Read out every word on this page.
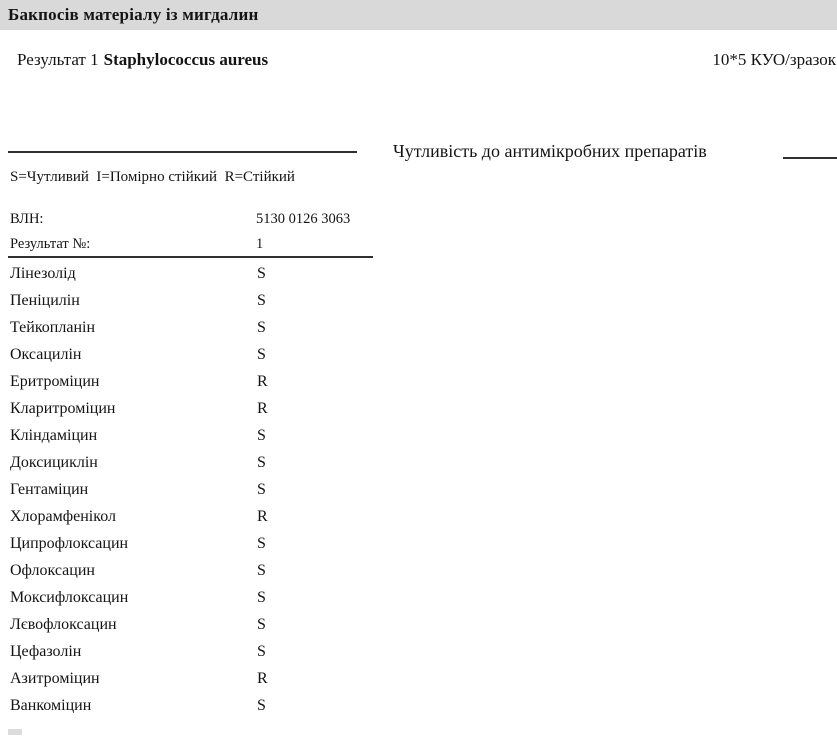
Бакпосів матеріалу із мигдалин
Результат 1 Staphylococcus aureus	10*5 КУО/зразок
Чутливість до антимікробних препаратів
S=Чутливий  I=Помірно стійкий  R=Стійкий
ВЛН:	5130 0126 3063
Результат №:	1
Лінезолід	S
Пеніцилін	S
Тейкопланін	S
Оксацилін	S
Еритроміцин	R
Кларитроміцин	R
Кліндаміцин	S
Доксициклін	S
Гентаміцин	S
Хлорамфенікол	R
Ципрофлоксацин	S
Офлоксацин	S
Моксифлоксацин	S
Лєвофлоксацин	S
Цефазолін	S
Азитроміцин	R
Ванкоміцин	S
